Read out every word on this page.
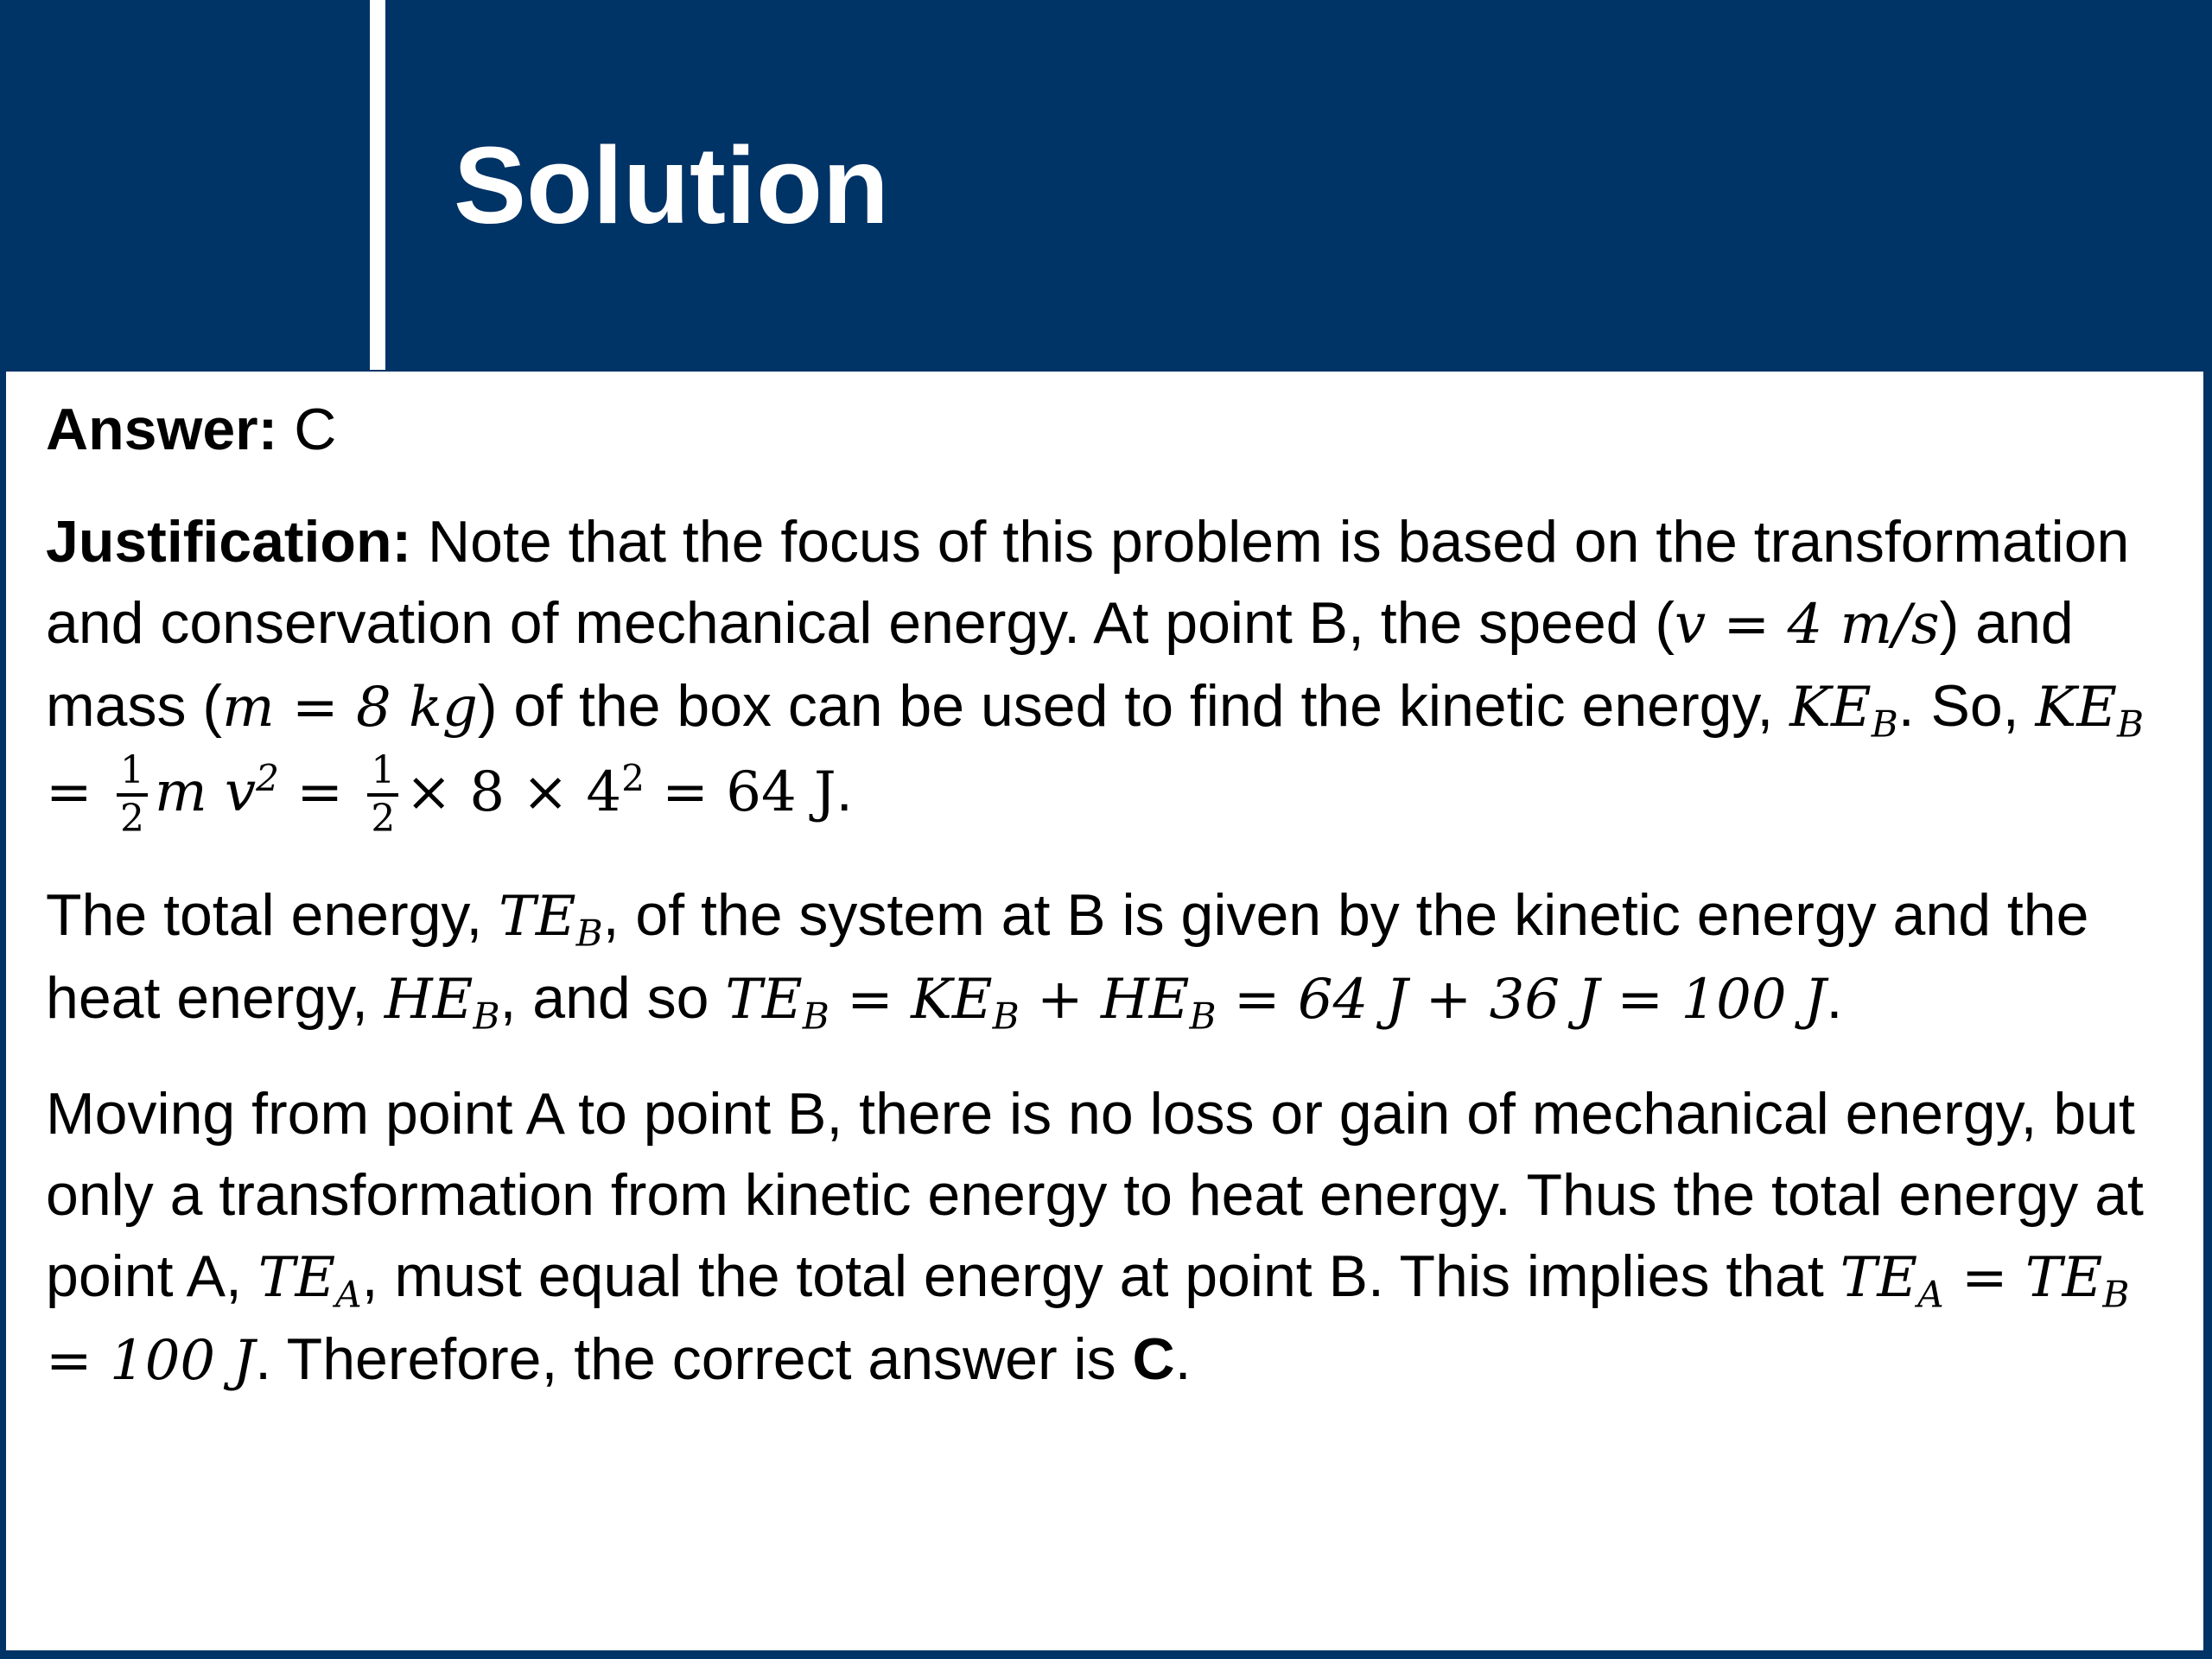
Solution

Answer: C

Justification: Note that the focus of this problem is based on the transformation and conservation of mechanical energy. At point B, the speed (v = 4 m/s) and mass (m = 8 kg) of the box can be used to find the kinetic energy, $KE_B$. So, $KE_B = \frac{1}{2}$ m $v^2 = \frac{1}{2} \times 8 \times 4^2 = 64$ J.

The total energy, $TE_B$, of the system at B is given by the kinetic energy and the heat energy, $HE_B$, and so $TE_B = KE_B + HE_B = 64$ J + 36 J = 100 J.

Moving from point A to point B, there is no loss or gain of mechanical energy, but only a transformation from kinetic energy to heat energy. Thus the total energy at point A, $TE_A$, must equal the total energy at point B. This implies that $TE_A = TE_B = 100$ J. Therefore, the correct answer is C.
